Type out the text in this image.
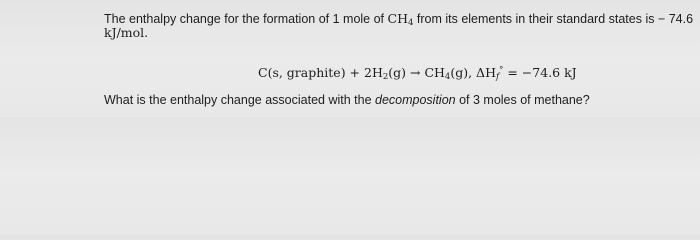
The enthalpy change for the formation of 1 mole of $CH_4$ from its elements in their standard states is − 74.6
kJ/mol.
C(s, graphite) + $2H_2(g) \to CH_4(g)$, $\Delta H_f^\circ = -74.6$ kJ
What is the enthalpy change associated with the decomposition of 3 moles of methane?
